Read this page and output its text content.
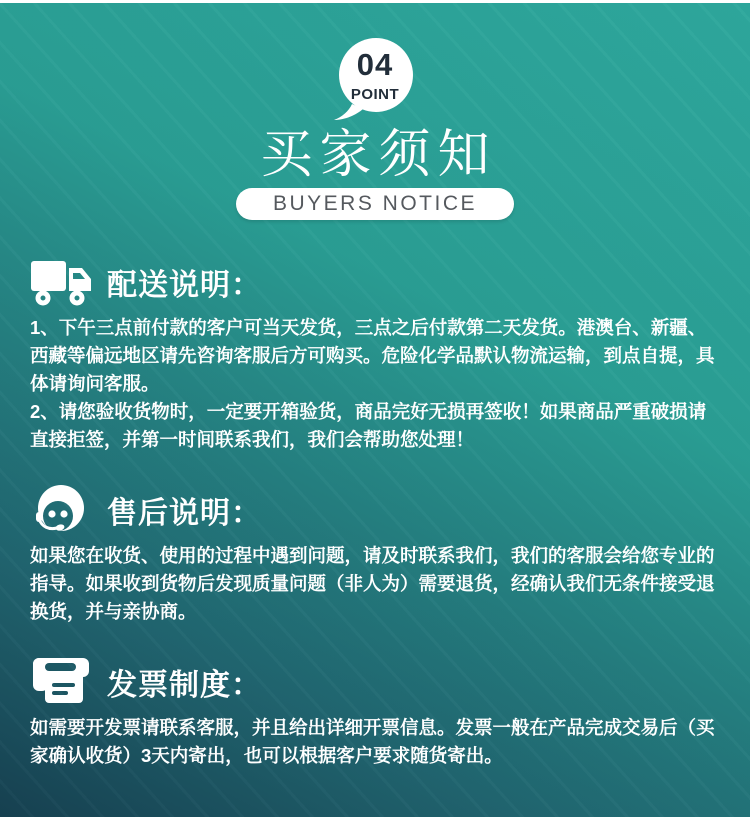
04
POINT
买家须知
BUYERS NOTICE
配送说明：

1、下午三点前付款的客户可当天发货，三点之后付款第二天发货。港澳台、新疆、西藏等偏远地区请先咨询客服后方可购买。危险化学品默认物流运输，到点自提，具体请询问客服。

2、请您验收货物时，一定要开箱验货，商品完好无损再签收！如果商品严重破损请直接拒签，并第一时间联系我们，我们会帮助您处理！

售后说明：

如果您在收货、使用的过程中遇到问题，请及时联系我们，我们的客服会给您专业的指导。如果收到货物后发现质量问题（非人为）需要退货，经确认我们无条件接受退换货，并与亲协商。

发票制度：

如需要开发票请联系客服，并且给出详细开票信息。发票一般在产品完成交易后（买家确认收货）3天内寄出，也可以根据客户要求随货寄出。
